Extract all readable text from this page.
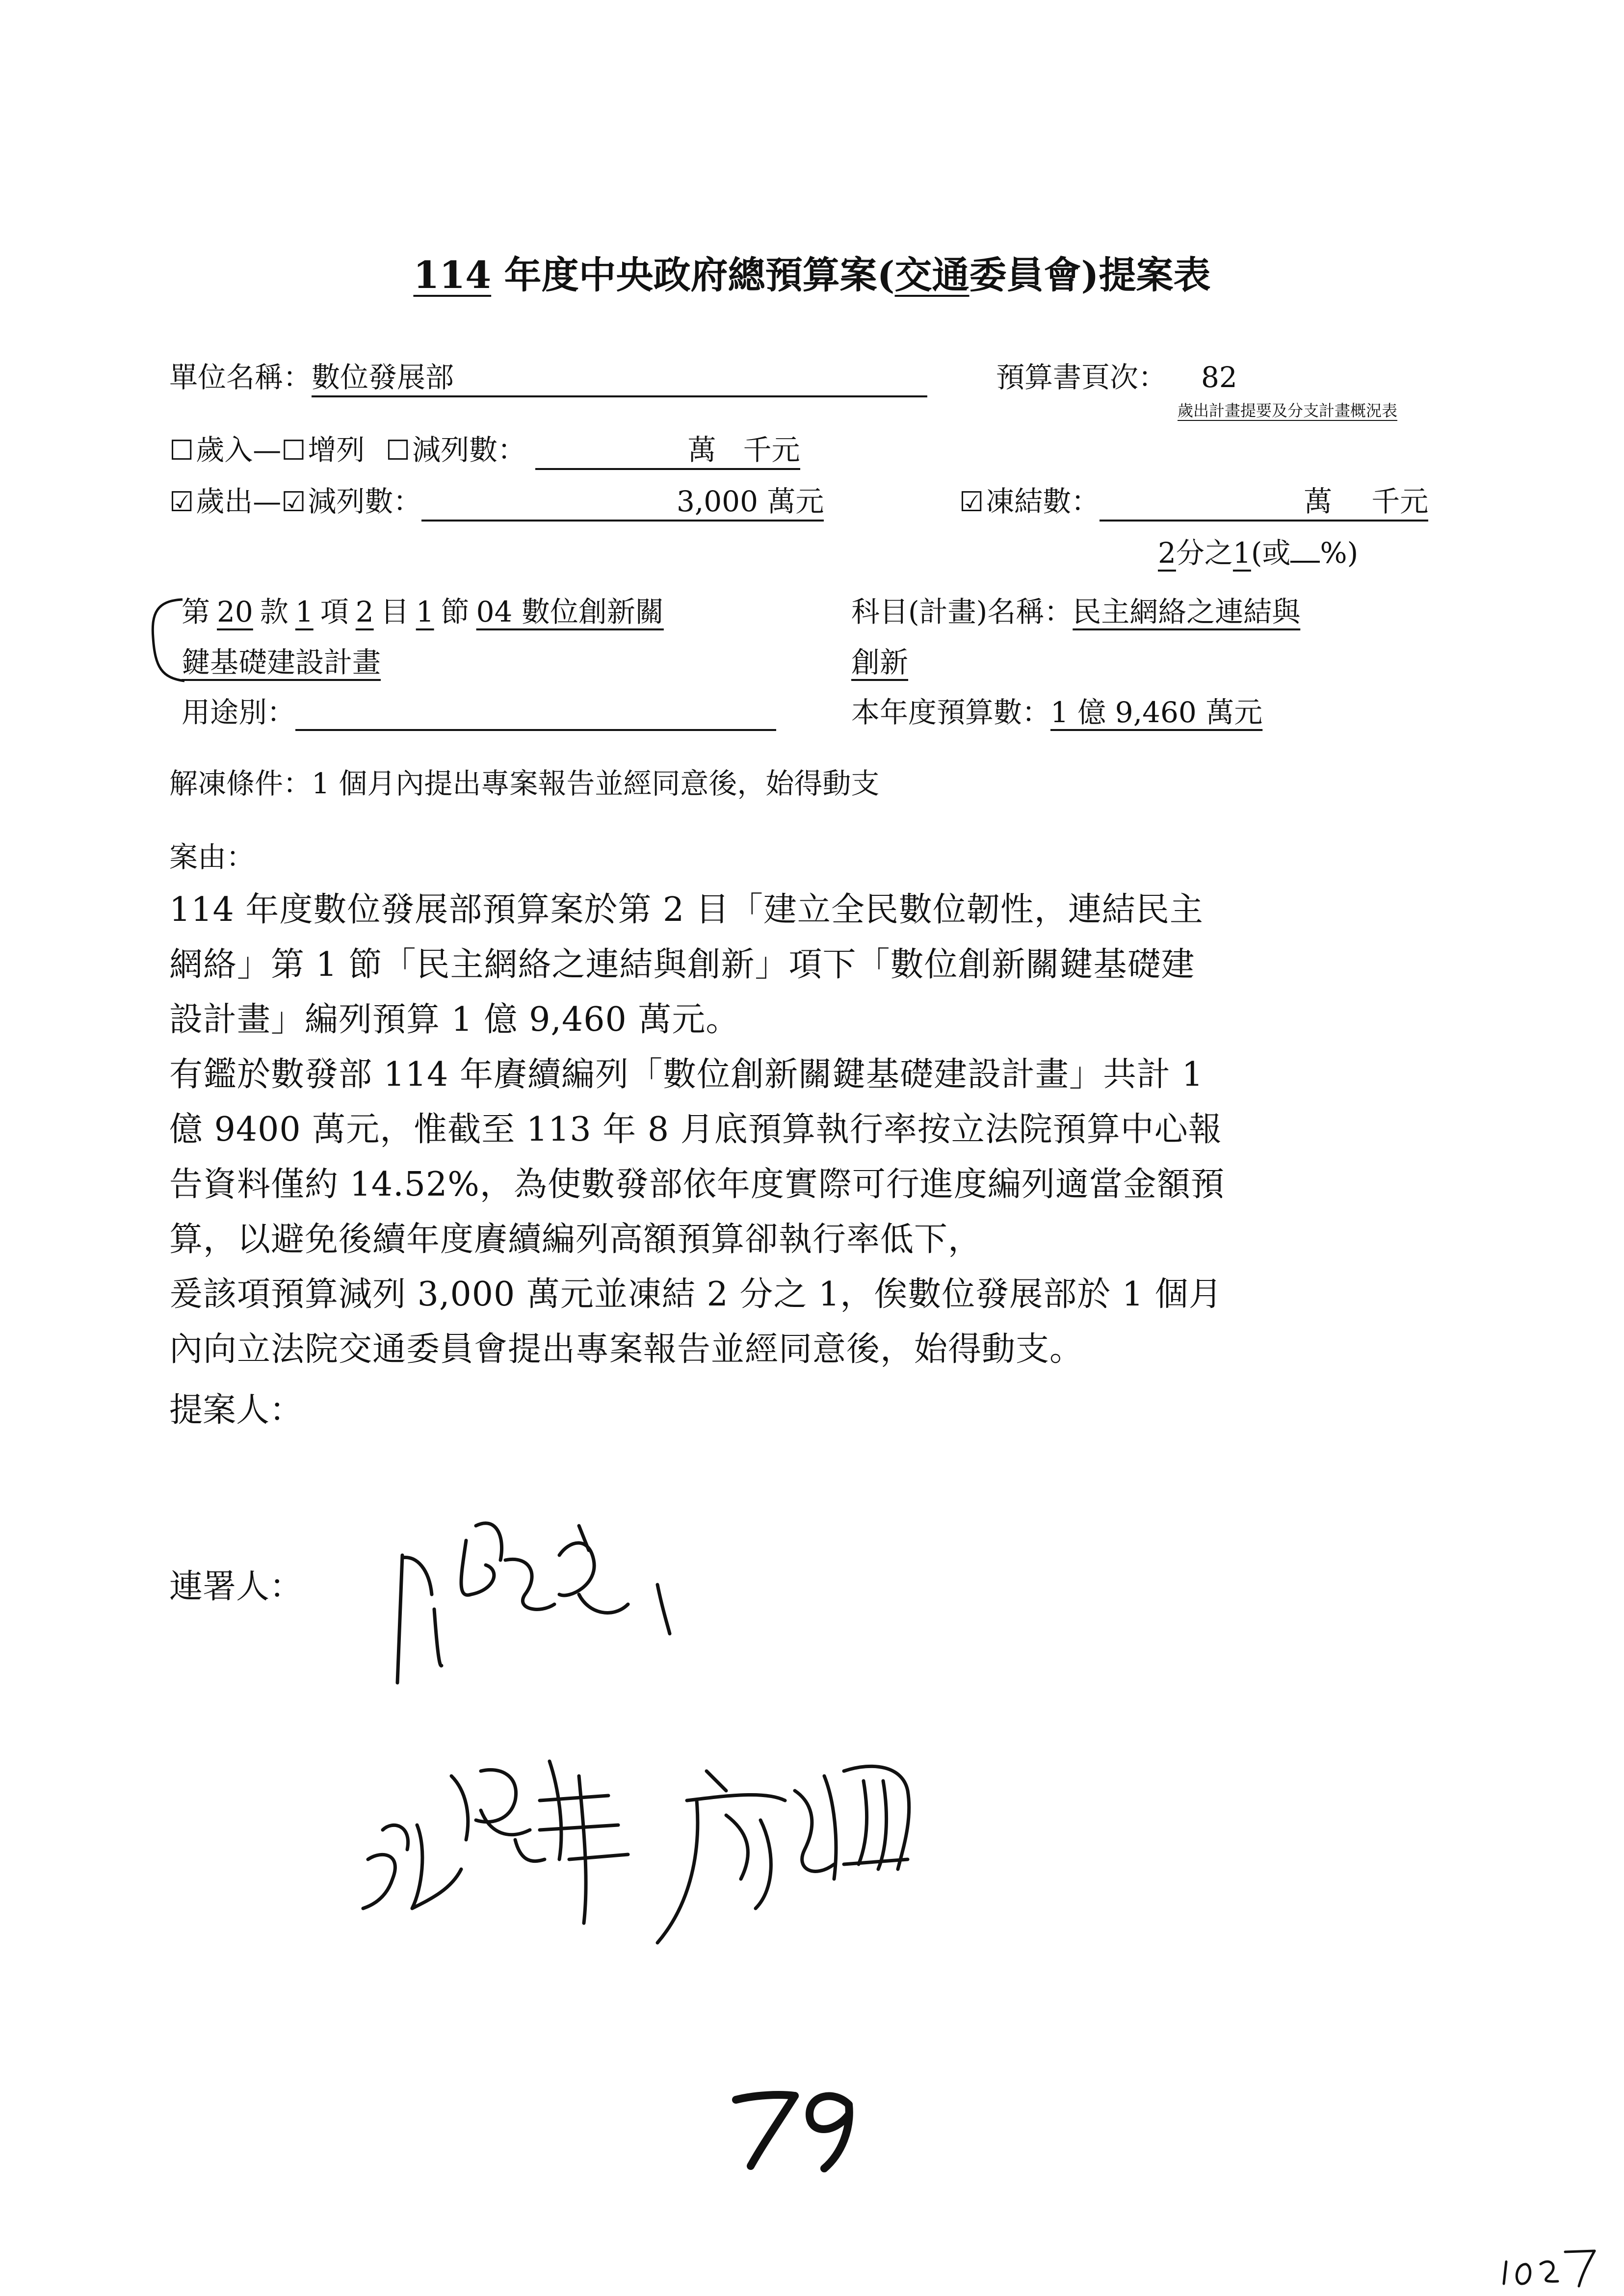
114 年度中央政府總預算案(交通委員會)提案表
單位名稱：數位發展部	預算書頁次： 82
歲出計畫提要及分支計畫概況表
☐歲入—☐增列 ☐減列數：	萬 千元
☑歲出—☑減列數：	3,000 萬元	☑凍結數：	萬 千元
2分之1(或 %)
第 20 款 1 項 2 目 1 節 04 數位創新關
鍵基礎建設計畫
科目(計畫)名稱：民主網絡之連結與
創新
用途別：	本年度預算數：1 億 9,460 萬元
解凍條件：1 個月內提出專案報告並經同意後，始得動支
案由：
114 年度數位發展部預算案於第 2 目「建立全民數位韌性，連結民主
網絡」第 1 節「民主網絡之連結與創新」項下「數位創新關鍵基礎建
設計畫」編列預算 1 億 9,460 萬元。
有鑑於數發部 114 年賡續編列「數位創新關鍵基礎建設計畫」共計 1
億 9400 萬元，惟截至 113 年 8 月底預算執行率按立法院預算中心報
告資料僅約 14.52%，為使數發部依年度實際可行進度編列適當金額預
算，以避免後續年度賡續編列高額預算卻執行率低下，
爰該項預算減列 3,000 萬元並凍結 2 分之 1，俟數位發展部於 1 個月
內向立法院交通委員會提出專案報告並經同意後，始得動支。
提案人：
連署人：
